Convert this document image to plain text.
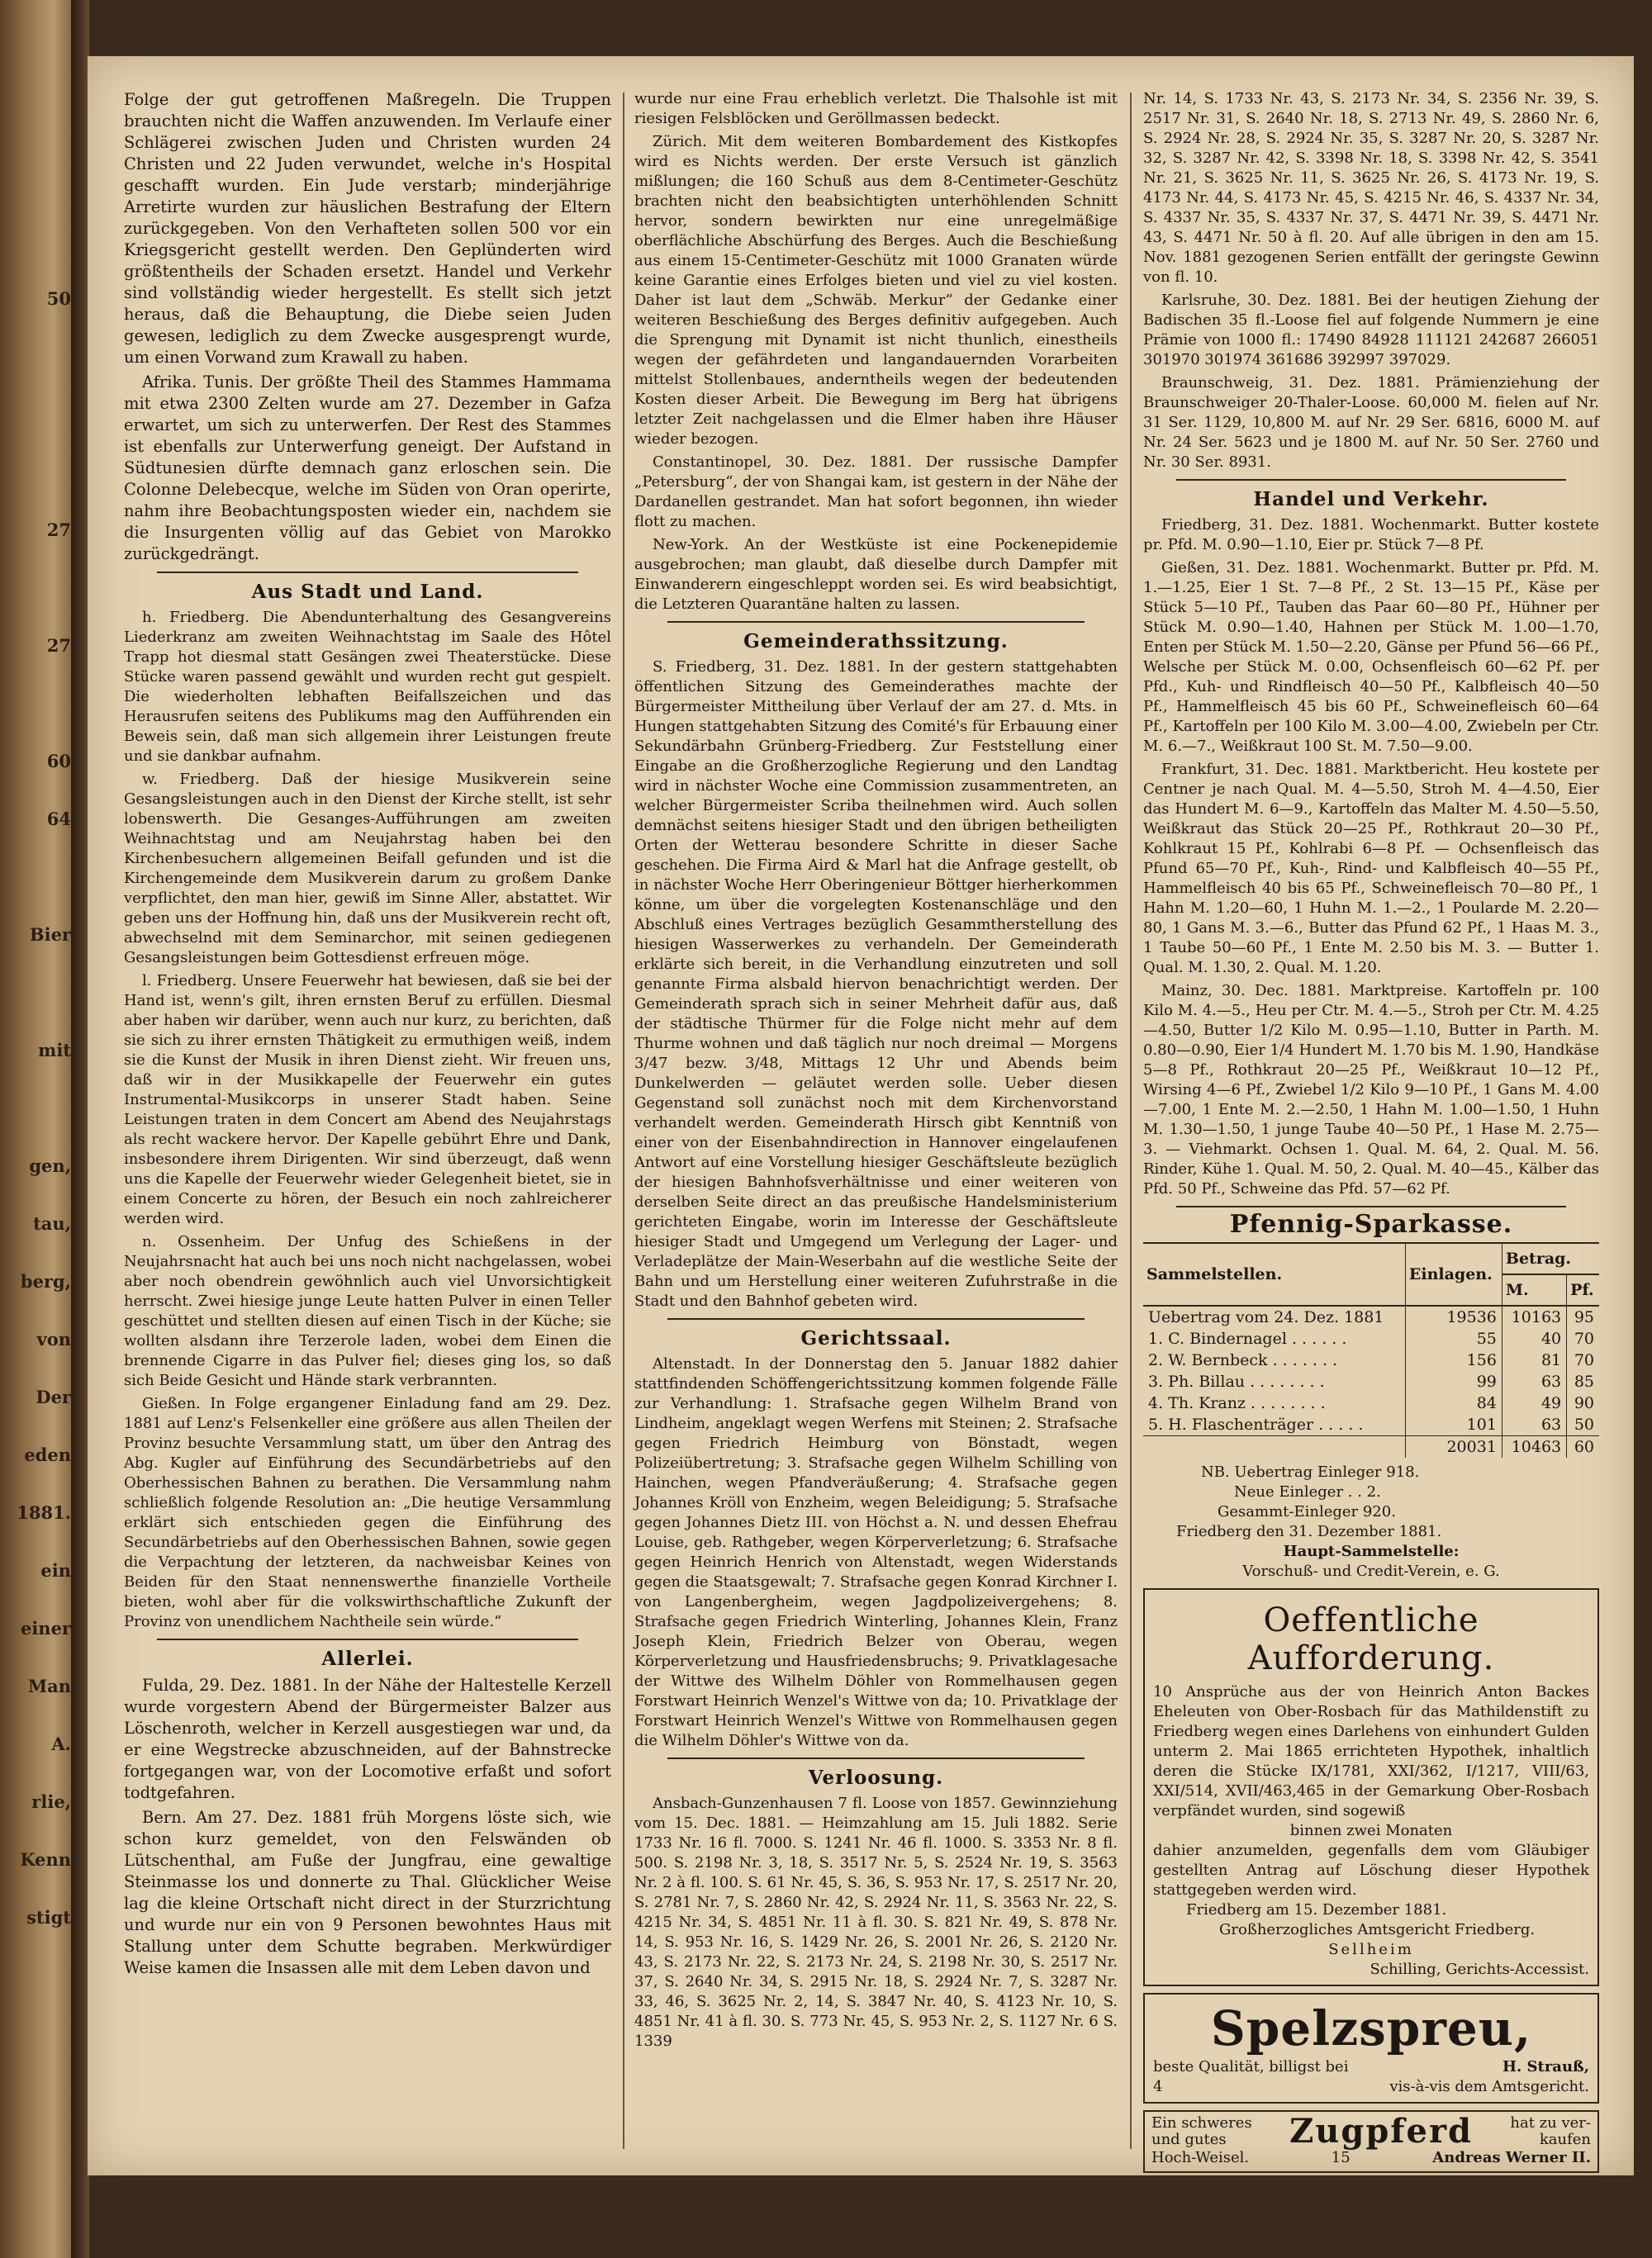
50
27
27
60
64
Bier
mit
gen,
tau,
berg,
von
Der
eden
1881.
ein
einer
Man
A.
rlie,
Kenn
stigt

Folge der gut getroffenen Maßregeln. Die Truppen brauchten nicht die Waffen anzuwenden. Im Verlaufe einer Schlägerei zwischen Juden und Christen wurden 24 Christen und 22 Juden verwundet, welche in's Hospital geschafft wurden. Ein Jude verstarb; minderjährige Arretirte wurden zur häuslichen Bestrafung der Eltern zurückgegeben. Von den Verhafteten sollen 500 vor ein Kriegsgericht gestellt werden. Den Geplünderten wird größtentheils der Schaden ersetzt. Handel und Verkehr sind vollständig wieder hergestellt. Es stellt sich jetzt heraus, daß die Behauptung, die Diebe seien Juden gewesen, lediglich zu dem Zwecke ausgesprengt wurde, um einen Vorwand zum Krawall zu haben.

Afrika. Tunis. Der größte Theil des Stammes Hammama mit etwa 2300 Zelten wurde am 27. Dezember in Gafza erwartet, um sich zu unterwerfen. Der Rest des Stammes ist ebenfalls zur Unterwerfung geneigt. Der Aufstand in Südtunesien dürfte demnach ganz erloschen sein. Die Colonne Delebecque, welche im Süden von Oran operirte, nahm ihre Beobachtungsposten wieder ein, nachdem sie die Insurgenten völlig auf das Gebiet von Marokko zurückgedrängt.

Aus Stadt und Land.

h. Friedberg. Die Abendunterhaltung des Gesangvereins Liederkranz am zweiten Weihnachtstag im Saale des Hôtel Trapp hot diesmal statt Gesängen zwei Theaterstücke. Diese Stücke waren passend gewählt und wurden recht gut gespielt. Die wiederholten lebhaften Beifallszeichen und das Herausrufen seitens des Publikums mag den Aufführenden ein Beweis sein, daß man sich allgemein ihrer Leistungen freute und sie dankbar aufnahm.

w. Friedberg. Daß der hiesige Musikverein seine Gesangsleistungen auch in den Dienst der Kirche stellt, ist sehr lobenswerth. Die Gesanges-Aufführungen am zweiten Weihnachtstag und am Neujahrstag haben bei den Kirchenbesuchern allgemeinen Beifall gefunden und ist die Kirchengemeinde dem Musikverein darum zu großem Danke verpflichtet, den man hier, gewiß im Sinne Aller, abstattet. Wir geben uns der Hoffnung hin, daß uns der Musikverein recht oft, abwechselnd mit dem Seminarchor, mit seinen gediegenen Gesangsleistungen beim Gottesdienst erfreuen möge.

l. Friedberg. Unsere Feuerwehr hat bewiesen, daß sie bei der Hand ist, wenn's gilt, ihren ernsten Beruf zu erfüllen. Diesmal aber haben wir darüber, wenn auch nur kurz, zu berichten, daß sie sich zu ihrer ernsten Thätigkeit zu ermuthigen weiß, indem sie die Kunst der Musik in ihren Dienst zieht. Wir freuen uns, daß wir in der Musikkapelle der Feuerwehr ein gutes Instrumental-Musikcorps in unserer Stadt haben. Seine Leistungen traten in dem Concert am Abend des Neujahrstags als recht wackere hervor. Der Kapelle gebührt Ehre und Dank, insbesondere ihrem Dirigenten. Wir sind überzeugt, daß wenn uns die Kapelle der Feuerwehr wieder Gelegenheit bietet, sie in einem Concerte zu hören, der Besuch ein noch zahlreicherer werden wird.

n. Ossenheim. Der Unfug des Schießens in der Neujahrsnacht hat auch bei uns noch nicht nachgelassen, wobei aber noch obendrein gewöhnlich auch viel Unvorsichtigkeit herrscht. Zwei hiesige junge Leute hatten Pulver in einen Teller geschüttet und stellten diesen auf einen Tisch in der Küche; sie wollten alsdann ihre Terzerole laden, wobei dem Einen die brennende Cigarre in das Pulver fiel; dieses ging los, so daß sich Beide Gesicht und Hände stark verbrannten.

Gießen. In Folge ergangener Einladung fand am 29. Dez. 1881 auf Lenz's Felsenkeller eine größere aus allen Theilen der Provinz besuchte Versammlung statt, um über den Antrag des Abg. Kugler auf Einführung des Secundärbetriebs auf den Oberhessischen Bahnen zu berathen. Die Versammlung nahm schließlich folgende Resolution an: „Die heutige Versammlung erklärt sich entschieden gegen die Einführung des Secundärbetriebs auf den Oberhessischen Bahnen, sowie gegen die Verpachtung der letzteren, da nachweisbar Keines von Beiden für den Staat nennenswerthe finanzielle Vortheile bieten, wohl aber für die volkswirthschaftliche Zukunft der Provinz von unendlichem Nachtheile sein würde.“

Allerlei.

Fulda, 29. Dez. 1881. In der Nähe der Haltestelle Kerzell wurde vorgestern Abend der Bürgermeister Balzer aus Löschenroth, welcher in Kerzell ausgestiegen war und, da er eine Wegstrecke abzuschneiden, auf der Bahnstrecke fortgegangen war, von der Locomotive erfaßt und sofort todtgefahren.

Bern. Am 27. Dez. 1881 früh Morgens löste sich, wie schon kurz gemeldet, von den Felswänden ob Lütschenthal, am Fuße der Jungfrau, eine gewaltige Steinmasse los und donnerte zu Thal. Glücklicher Weise lag die kleine Ortschaft nicht direct in der Sturzrichtung und wurde nur ein von 9 Personen bewohntes Haus mit Stallung unter dem Schutte begraben. Merkwürdiger Weise kamen die Insassen alle mit dem Leben davon und

wurde nur eine Frau erheblich verletzt. Die Thalsohle ist mit riesigen Felsblöcken und Geröllmassen bedeckt.

Zürich. Mit dem weiteren Bombardement des Kistkopfes wird es Nichts werden. Der erste Versuch ist gänzlich mißlungen; die 160 Schuß aus dem 8-Centimeter-Geschütz brachten nicht den beabsichtigten unterhöhlenden Schnitt hervor, sondern bewirkten nur eine unregelmäßige oberflächliche Abschürfung des Berges. Auch die Beschießung aus einem 15-Centimeter-Geschütz mit 1000 Granaten würde keine Garantie eines Erfolges bieten und viel zu viel kosten. Daher ist laut dem „Schwäb. Merkur“ der Gedanke einer weiteren Beschießung des Berges definitiv aufgegeben. Auch die Sprengung mit Dynamit ist nicht thunlich, einestheils wegen der gefährdeten und langandauernden Vorarbeiten mittelst Stollenbaues, anderntheils wegen der bedeutenden Kosten dieser Arbeit. Die Bewegung im Berg hat übrigens letzter Zeit nachgelassen und die Elmer haben ihre Häuser wieder bezogen.

Constantinopel, 30. Dez. 1881. Der russische Dampfer „Petersburg“, der von Shangai kam, ist gestern in der Nähe der Dardanellen gestrandet. Man hat sofort begonnen, ihn wieder flott zu machen.

New-York. An der Westküste ist eine Pockenepidemie ausgebrochen; man glaubt, daß dieselbe durch Dampfer mit Einwanderern eingeschleppt worden sei. Es wird beabsichtigt, die Letzteren Quarantäne halten zu lassen.

Gemeinderathssitzung.

S. Friedberg, 31. Dez. 1881. In der gestern stattgehabten öffentlichen Sitzung des Gemeinderathes machte der Bürgermeister Mittheilung über Verlauf der am 27. d. Mts. in Hungen stattgehabten Sitzung des Comité's für Erbauung einer Sekundärbahn Grünberg-Friedberg. Zur Feststellung einer Eingabe an die Großherzogliche Regierung und den Landtag wird in nächster Woche eine Commission zusammentreten, an welcher Bürgermeister Scriba theilnehmen wird. Auch sollen demnächst seitens hiesiger Stadt und den übrigen betheiligten Orten der Wetterau besondere Schritte in dieser Sache geschehen. Die Firma Aird & Marl hat die Anfrage gestellt, ob in nächster Woche Herr Oberingenieur Böttger hierherkommen könne, um über die vorgelegten Kostenanschläge und den Abschluß eines Vertrages bezüglich Gesammtherstellung des hiesigen Wasserwerkes zu verhandeln. Der Gemeinderath erklärte sich bereit, in die Verhandlung einzutreten und soll genannte Firma alsbald hiervon benachrichtigt werden. Der Gemeinderath sprach sich in seiner Mehrheit dafür aus, daß der städtische Thürmer für die Folge nicht mehr auf dem Thurme wohnen und daß täglich nur noch dreimal — Morgens 3/47 bezw. 3/48, Mittags 12 Uhr und Abends beim Dunkelwerden — geläutet werden solle. Ueber diesen Gegenstand soll zunächst noch mit dem Kirchenvorstand verhandelt werden. Gemeinderath Hirsch gibt Kenntniß von einer von der Eisenbahndirection in Hannover eingelaufenen Antwort auf eine Vorstellung hiesiger Geschäftsleute bezüglich der hiesigen Bahnhofsverhältnisse und einer weiteren von derselben Seite direct an das preußische Handelsministerium gerichteten Eingabe, worin im Interesse der Geschäftsleute hiesiger Stadt und Umgegend um Verlegung der Lager- und Verladeplätze der Main-Weserbahn auf die westliche Seite der Bahn und um Herstellung einer weiteren Zufuhrstraße in die Stadt und den Bahnhof gebeten wird.

Gerichtssaal.

Altenstadt. In der Donnerstag den 5. Januar 1882 dahier stattfindenden Schöffengerichtssitzung kommen folgende Fälle zur Verhandlung: 1. Strafsache gegen Wilhelm Brand von Lindheim, angeklagt wegen Werfens mit Steinen; 2. Strafsache gegen Friedrich Heimburg von Bönstadt, wegen Polizeiübertretung; 3. Strafsache gegen Wilhelm Schilling von Hainchen, wegen Pfandveräußerung; 4. Strafsache gegen Johannes Kröll von Enzheim, wegen Beleidigung; 5. Strafsache gegen Johannes Dietz III. von Höchst a. N. und dessen Ehefrau Louise, geb. Rathgeber, wegen Körperverletzung; 6. Strafsache gegen Heinrich Henrich von Altenstadt, wegen Widerstands gegen die Staatsgewalt; 7. Strafsache gegen Konrad Kirchner I. von Langenbergheim, wegen Jagdpolizeivergehens; 8. Strafsache gegen Friedrich Winterling, Johannes Klein, Franz Joseph Klein, Friedrich Belzer von Oberau, wegen Körperverletzung und Hausfriedensbruchs; 9. Privatklagesache der Wittwe des Wilhelm Döhler von Rommelhausen gegen Forstwart Heinrich Wenzel's Wittwe von da; 10. Privatklage der Forstwart Heinrich Wenzel's Wittwe von Rommelhausen gegen die Wilhelm Döhler's Wittwe von da.

Verloosung.

Ansbach-Gunzenhausen 7 fl. Loose von 1857. Gewinnziehung vom 15. Dec. 1881. — Heimzahlung am 15. Juli 1882. Serie 1733 Nr. 16 fl. 7000. S. 1241 Nr. 46 fl. 1000. S. 3353 Nr. 8 fl. 500. S. 2198 Nr. 3, 18, S. 3517 Nr. 5, S. 2524 Nr. 19, S. 3563 Nr. 2 à fl. 100. S. 61 Nr. 45, S. 36, S. 953 Nr. 17, S. 2517 Nr. 20, S. 2781 Nr. 7, S. 2860 Nr. 42, S. 2924 Nr. 11, S. 3563 Nr. 22, S. 4215 Nr. 34, S. 4851 Nr. 11 à fl. 30. S. 821 Nr. 49, S. 878 Nr. 14, S. 953 Nr. 16, S. 1429 Nr. 26, S. 2001 Nr. 26, S. 2120 Nr. 43, S. 2173 Nr. 22, S. 2173 Nr. 24, S. 2198 Nr. 30, S. 2517 Nr. 37, S. 2640 Nr. 34, S. 2915 Nr. 18, S. 2924 Nr. 7, S. 3287 Nr. 33, 46, S. 3625 Nr. 2, 14, S. 3847 Nr. 40, S. 4123 Nr. 10, S. 4851 Nr. 41 à fl. 30. S. 773 Nr. 45, S. 953 Nr. 2, S. 1127 Nr. 6 S. 1339

Nr. 14, S. 1733 Nr. 43, S. 2173 Nr. 34, S. 2356 Nr. 39, S. 2517 Nr. 31, S. 2640 Nr. 18, S. 2713 Nr. 49, S. 2860 Nr. 6, S. 2924 Nr. 28, S. 2924 Nr. 35, S. 3287 Nr. 20, S. 3287 Nr. 32, S. 3287 Nr. 42, S. 3398 Nr. 18, S. 3398 Nr. 42, S. 3541 Nr. 21, S. 3625 Nr. 11, S. 3625 Nr. 26, S. 4173 Nr. 19, S. 4173 Nr. 44, S. 4173 Nr. 45, S. 4215 Nr. 46, S. 4337 Nr. 34, S. 4337 Nr. 35, S. 4337 Nr. 37, S. 4471 Nr. 39, S. 4471 Nr. 43, S. 4471 Nr. 50 à fl. 20. Auf alle übrigen in den am 15. Nov. 1881 gezogenen Serien entfällt der geringste Gewinn von fl. 10.

Karlsruhe, 30. Dez. 1881. Bei der heutigen Ziehung der Badischen 35 fl.-Loose fiel auf folgende Nummern je eine Prämie von 1000 fl.: 17490 84928 111121 242687 266051 301970 301974 361686 392997 397029.

Braunschweig, 31. Dez. 1881. Prämienziehung der Braunschweiger 20-Thaler-Loose. 60,000 M. fielen auf Nr. 31 Ser. 1129, 10,800 M. auf Nr. 29 Ser. 6816, 6000 M. auf Nr. 24 Ser. 5623 und je 1800 M. auf Nr. 50 Ser. 2760 und Nr. 30 Ser. 8931.

Handel und Verkehr.

Friedberg, 31. Dez. 1881. Wochenmarkt. Butter kostete pr. Pfd. M. 0.90—1.10, Eier pr. Stück 7—8 Pf.

Gießen, 31. Dez. 1881. Wochenmarkt. Butter pr. Pfd. M. 1.—1.25, Eier 1 St. 7—8 Pf., 2 St. 13—15 Pf., Käse per Stück 5—10 Pf., Tauben das Paar 60—80 Pf., Hühner per Stück M. 0.90—1.40, Hahnen per Stück M. 1.00—1.70, Enten per Stück M. 1.50—2.20, Gänse per Pfund 56—66 Pf., Welsche per Stück M. 0.00, Ochsenfleisch 60—62 Pf. per Pfd., Kuh- und Rindfleisch 40—50 Pf., Kalbfleisch 40—50 Pf., Hammelfleisch 45 bis 60 Pf., Schweinefleisch 60—64 Pf., Kartoffeln per 100 Kilo M. 3.00—4.00, Zwiebeln per Ctr. M. 6.—7., Weißkraut 100 St. M. 7.50—9.00.

Frankfurt, 31. Dec. 1881. Marktbericht. Heu kostete per Centner je nach Qual. M. 4—5.50, Stroh M. 4—4.50, Eier das Hundert M. 6—9., Kartoffeln das Malter M. 4.50—5.50, Weißkraut das Stück 20—25 Pf., Rothkraut 20—30 Pf., Kohlkraut 15 Pf., Kohlrabi 6—8 Pf. — Ochsenfleisch das Pfund 65—70 Pf., Kuh-, Rind- und Kalbfleisch 40—55 Pf., Hammelfleisch 40 bis 65 Pf., Schweinefleisch 70—80 Pf., 1 Hahn M. 1.20—60, 1 Huhn M. 1.—2., 1 Poularde M. 2.20—80, 1 Gans M. 3.—6., Butter das Pfund 62 Pf., 1 Haas M. 3., 1 Taube 50—60 Pf., 1 Ente M. 2.50 bis M. 3. — Butter 1. Qual. M. 1.30, 2. Qual. M. 1.20.

Mainz, 30. Dec. 1881. Marktpreise. Kartoffeln pr. 100 Kilo M. 4.—5., Heu per Ctr. M. 4.—5., Stroh per Ctr. M. 4.25—4.50, Butter 1/2 Kilo M. 0.95—1.10, Butter in Parth. M. 0.80—0.90, Eier 1/4 Hundert M. 1.70 bis M. 1.90, Handkäse 5—8 Pf., Rothkraut 20—25 Pf., Weißkraut 10—12 Pf., Wirsing 4—6 Pf., Zwiebel 1/2 Kilo 9—10 Pf., 1 Gans M. 4.00—7.00, 1 Ente M. 2.—2.50, 1 Hahn M. 1.00—1.50, 1 Huhn M. 1.30—1.50, 1 junge Taube 40—50 Pf., 1 Hase M. 2.75—3. — Viehmarkt. Ochsen 1. Qual. M. 64, 2. Qual. M. 56. Rinder, Kühe 1. Qual. M. 50, 2. Qual. M. 40—45., Kälber das Pfd. 50 Pf., Schweine das Pfd. 57—62 Pf.

Pfennig-Sparkasse.
Sammelstellen.	Einlagen.	Betrag.	
		M.	Pf.
Uebertrag vom 24. Dez. 1881	19536	10163	95
1. C. Bindernagel . . . . . .	55	40	70
2. W. Bernbeck . . . . . . .	156	81	70
3. Ph. Billau . . . . . . . .	99	63	85
4. Th. Kranz . . . . . . . .	84	49	90
5. H. Flaschenträger . . . . .	101	63	50
	20031	10463	60
NB. Uebertrag Einleger 918.
Neue Einleger . . 2.
Gesammt-Einleger 920.
Friedberg den 31. Dezember 1881.
Haupt-Sammelstelle:
Vorschuß- und Credit-Verein, e. G.
Oeffentliche Aufforderung.
10 Ansprüche aus der von Heinrich Anton Backes Eheleuten von Ober-Rosbach für das Mathildenstift zu Friedberg wegen eines Darlehens von einhundert Gulden unterm 2. Mai 1865 errichteten Hypothek, inhaltlich deren die Stücke IX/1781, XXI/362, I/1217, VIII/63, XXI/514, XVII/463,465 in der Gemarkung Ober-Rosbach verpfändet wurden, sind sogewiß
binnen zwei Monaten
dahier anzumelden, gegenfalls dem vom Gläubiger gestellten Antrag auf Löschung dieser Hypothek stattgegeben werden wird.
Friedberg am 15. Dezember 1881.
Großherzogliches Amtsgericht Friedberg.
Sellheim
Schilling, Gerichts-Accessist.
Spelzspreu,
beste Qualität, billigst bei	H. Strauß,
4	vis-à-vis dem Amtsgericht.
Ein schweres
und gutes	Zugpferd	hat zu ver-
kaufen
Hoch-Weisel.	15	Andreas Werner II.
